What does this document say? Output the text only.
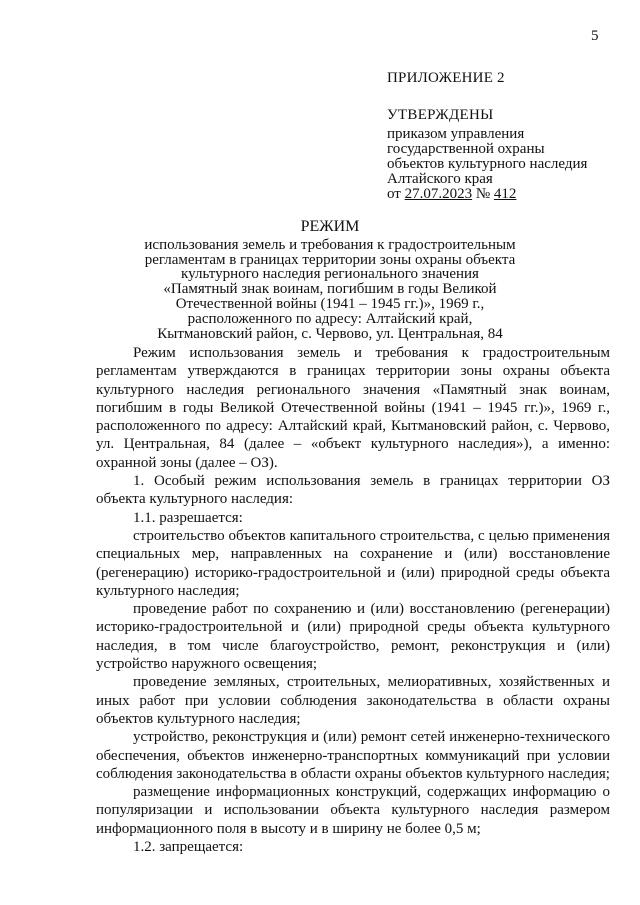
5
ПРИЛОЖЕНИЕ 2
УТВЕРЖДЕНЫ
приказом управления
государственной охраны
объектов культурного наследия
Алтайского края
от 27.07.2023 № 412
РЕЖИМ
использования земель и требования к градостроительным
регламентам в границах территории зоны охраны объекта
культурного наследия регионального значения
«Памятный знак воинам, погибшим в годы Великой
Отечественной войны (1941 – 1945 гг.)», 1969 г.,
расположенного по адресу: Алтайский край,
Кытмановский район, с. Червово, ул. Центральная, 84

Режим использования земель и требования к градостроительным регламентам утверждаются в границах территории зоны охраны объекта культурного наследия регионального значения «Памятный знак воинам, погибшим в годы Великой Отечественной войны (1941 – 1945 гг.)», 1969 г., расположенного по адресу: Алтайский край, Кытмановский район, с. Червово, ул. Центральная, 84 (далее – «объект культурного наследия»), а именно: охранной зоны (далее – ОЗ).

1. Особый режим использования земель в границах территории ОЗ объекта культурного наследия:

1.1. разрешается:

строительство объектов капитального строительства, с целью применения специальных мер, направленных на сохранение и (или) восстановление (регенерацию) историко-градостроительной и (или) природной среды объекта культурного наследия;

проведение работ по сохранению и (или) восстановлению (регенерации) историко-градостроительной и (или) природной среды объекта культурного наследия, в том числе благоустройство, ремонт, реконструкция и (или) устройство наружного освещения;

проведение земляных, строительных, мелиоративных, хозяйственных и иных работ при условии соблюдения законодательства в области охраны объектов культурного наследия;

устройство, реконструкция и (или) ремонт сетей инженерно-технического обеспечения, объектов инженерно-транспортных коммуникаций при условии соблюдения законодательства в области охраны объектов культурного наследия;

размещение информационных конструкций, содержащих информацию о популяризации и использовании объекта культурного наследия размером информационного поля в высоту и в ширину не более 0,5 м;

1.2. запрещается:
